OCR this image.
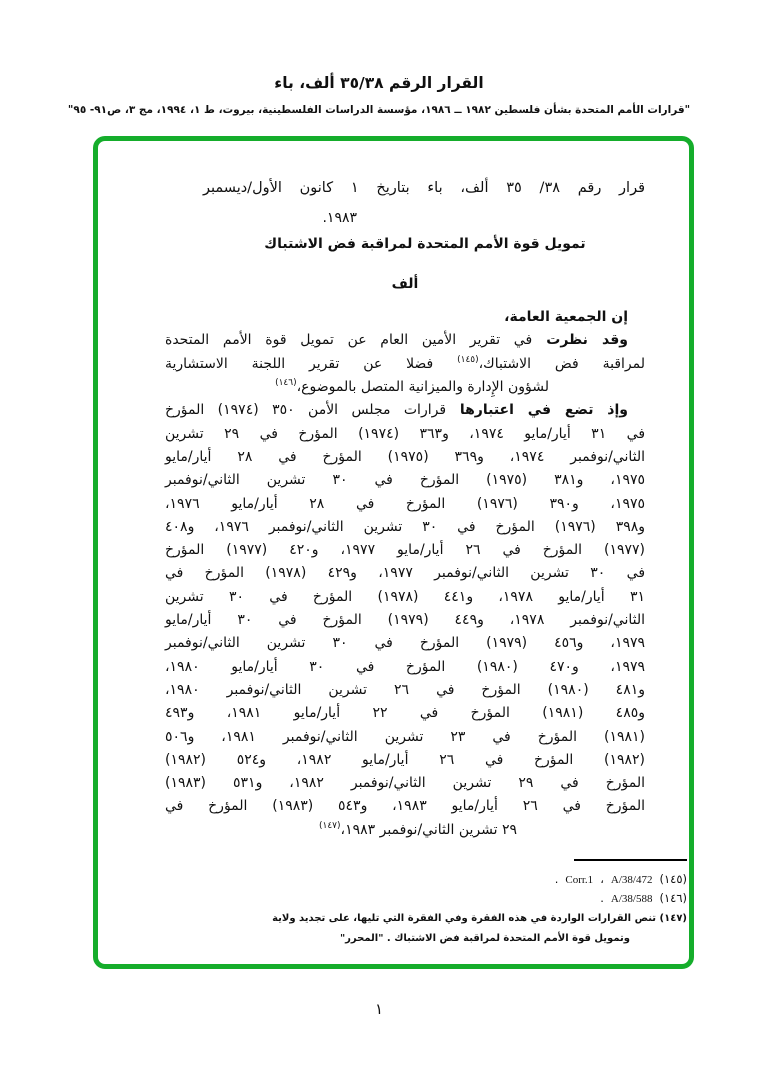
القرار الرقم ٣٥/٣٨ ألف، باء
"قرارات الأمم المتحدة بشأن فلسطين ١٩٨٢ ــ ١٩٨٦، مؤسسة الدراسات الفلسطينية، بيروت، ط ١، ١٩٩٤، مج ٣، ص٩١- ٩٥"
قرار رقم ٣٨/ ٣٥ ألف، باء بتاريخ ١ كانون الأول/ديسمبر
١٩٨٣.
تمويل قوة الأمم المتحدة لمراقبة فض الاشتباك
ألف
إن الجمعية العامة،
وقد نظرت في تقرير الأمين العام عن تمويل قوة الأمم المتحدة
لمراقبة فض الاشتباك،$^{(١٤٥)}$ فضلا عن تقرير اللجنة الاستشارية
لشؤون الإِدارة والميزانية المتصل بالموضوع،$^{(١٤٦)}$
وإذ تضع في اعتبارها قرارات مجلس الأمن ٣٥٠ (١٩٧٤) المؤرخ
في ٣١ أيار/مايو ١٩٧٤، و٣٦٣ (١٩٧٤) المؤرخ في ٢٩ تشرين
الثاني/نوفمبر ١٩٧٤، و٣٦٩ (١٩٧٥) المؤرخ في ٢٨ أيار/مايو
١٩٧٥، و٣٨١ (١٩٧٥) المؤرخ في ٣٠ تشرين الثاني/نوفمبر
١٩٧٥، و٣٩٠ (١٩٧٦) المؤرخ في ٢٨ أيار/مايو ١٩٧٦،
و٣٩٨ (١٩٧٦) المؤرخ في ٣٠ تشرين الثاني/نوفمبر ١٩٧٦، و٤٠٨
(١٩٧٧) المؤرخ في ٢٦ أيار/مايو ١٩٧٧، و٤٢٠ (١٩٧٧) المؤرخ
في ٣٠ تشرين الثاني/نوفمبر ١٩٧٧، و٤٢٩ (١٩٧٨) المؤرخ في
٣١ أيار/مايو ١٩٧٨، و٤٤١ (١٩٧٨) المؤرخ في ٣٠ تشرين
الثاني/نوفمبر ١٩٧٨، و٤٤٩ (١٩٧٩) المؤرخ في ٣٠ أيار/مايو
١٩٧٩، و٤٥٦ (١٩٧٩) المؤرخ في ٣٠ تشرين الثاني/نوفمبر
١٩٧٩، و٤٧٠ (١٩٨٠) المؤرخ في ٣٠ أيار/مايو ١٩٨٠،
و٤٨١ (١٩٨٠) المؤرخ في ٢٦ تشرين الثاني/نوفمبر ١٩٨٠،
و٤٨٥ (١٩٨١) المؤرخ في ٢٢ أيار/مايو ١٩٨١، و٤٩٣
(١٩٨١) المؤرخ في ٢٣ تشرين الثاني/نوفمبر ١٩٨١، و٥٠٦
(١٩٨٢) المؤرخ في ٢٦ أيار/مايو ١٩٨٢، و٥٢٤ (١٩٨٢)
المؤرخ في ٢٩ تشرين الثاني/نوفمبر ١٩٨٢، و٥٣١ (١٩٨٣)
المؤرخ في ٢٦ أيار/مايو ١٩٨٣، و٥٤٣ (١٩٨٣) المؤرخ في
٢٩ تشرين الثاني/نوفمبر ١٩٨٣،$^{(١٤٧)}$
(١٤٥)
A/38/472
،
Corr.1
.
(١٤٦)
A/38/588
.
(١٤٧) تنص القرارات الواردة في هذه الفقرة وفي الفقرة التي تليها، على تجديد ولاية
وتمويل قوة الأمم المتحدة لمراقبة فض الاشتباك . "المحرر"
١
